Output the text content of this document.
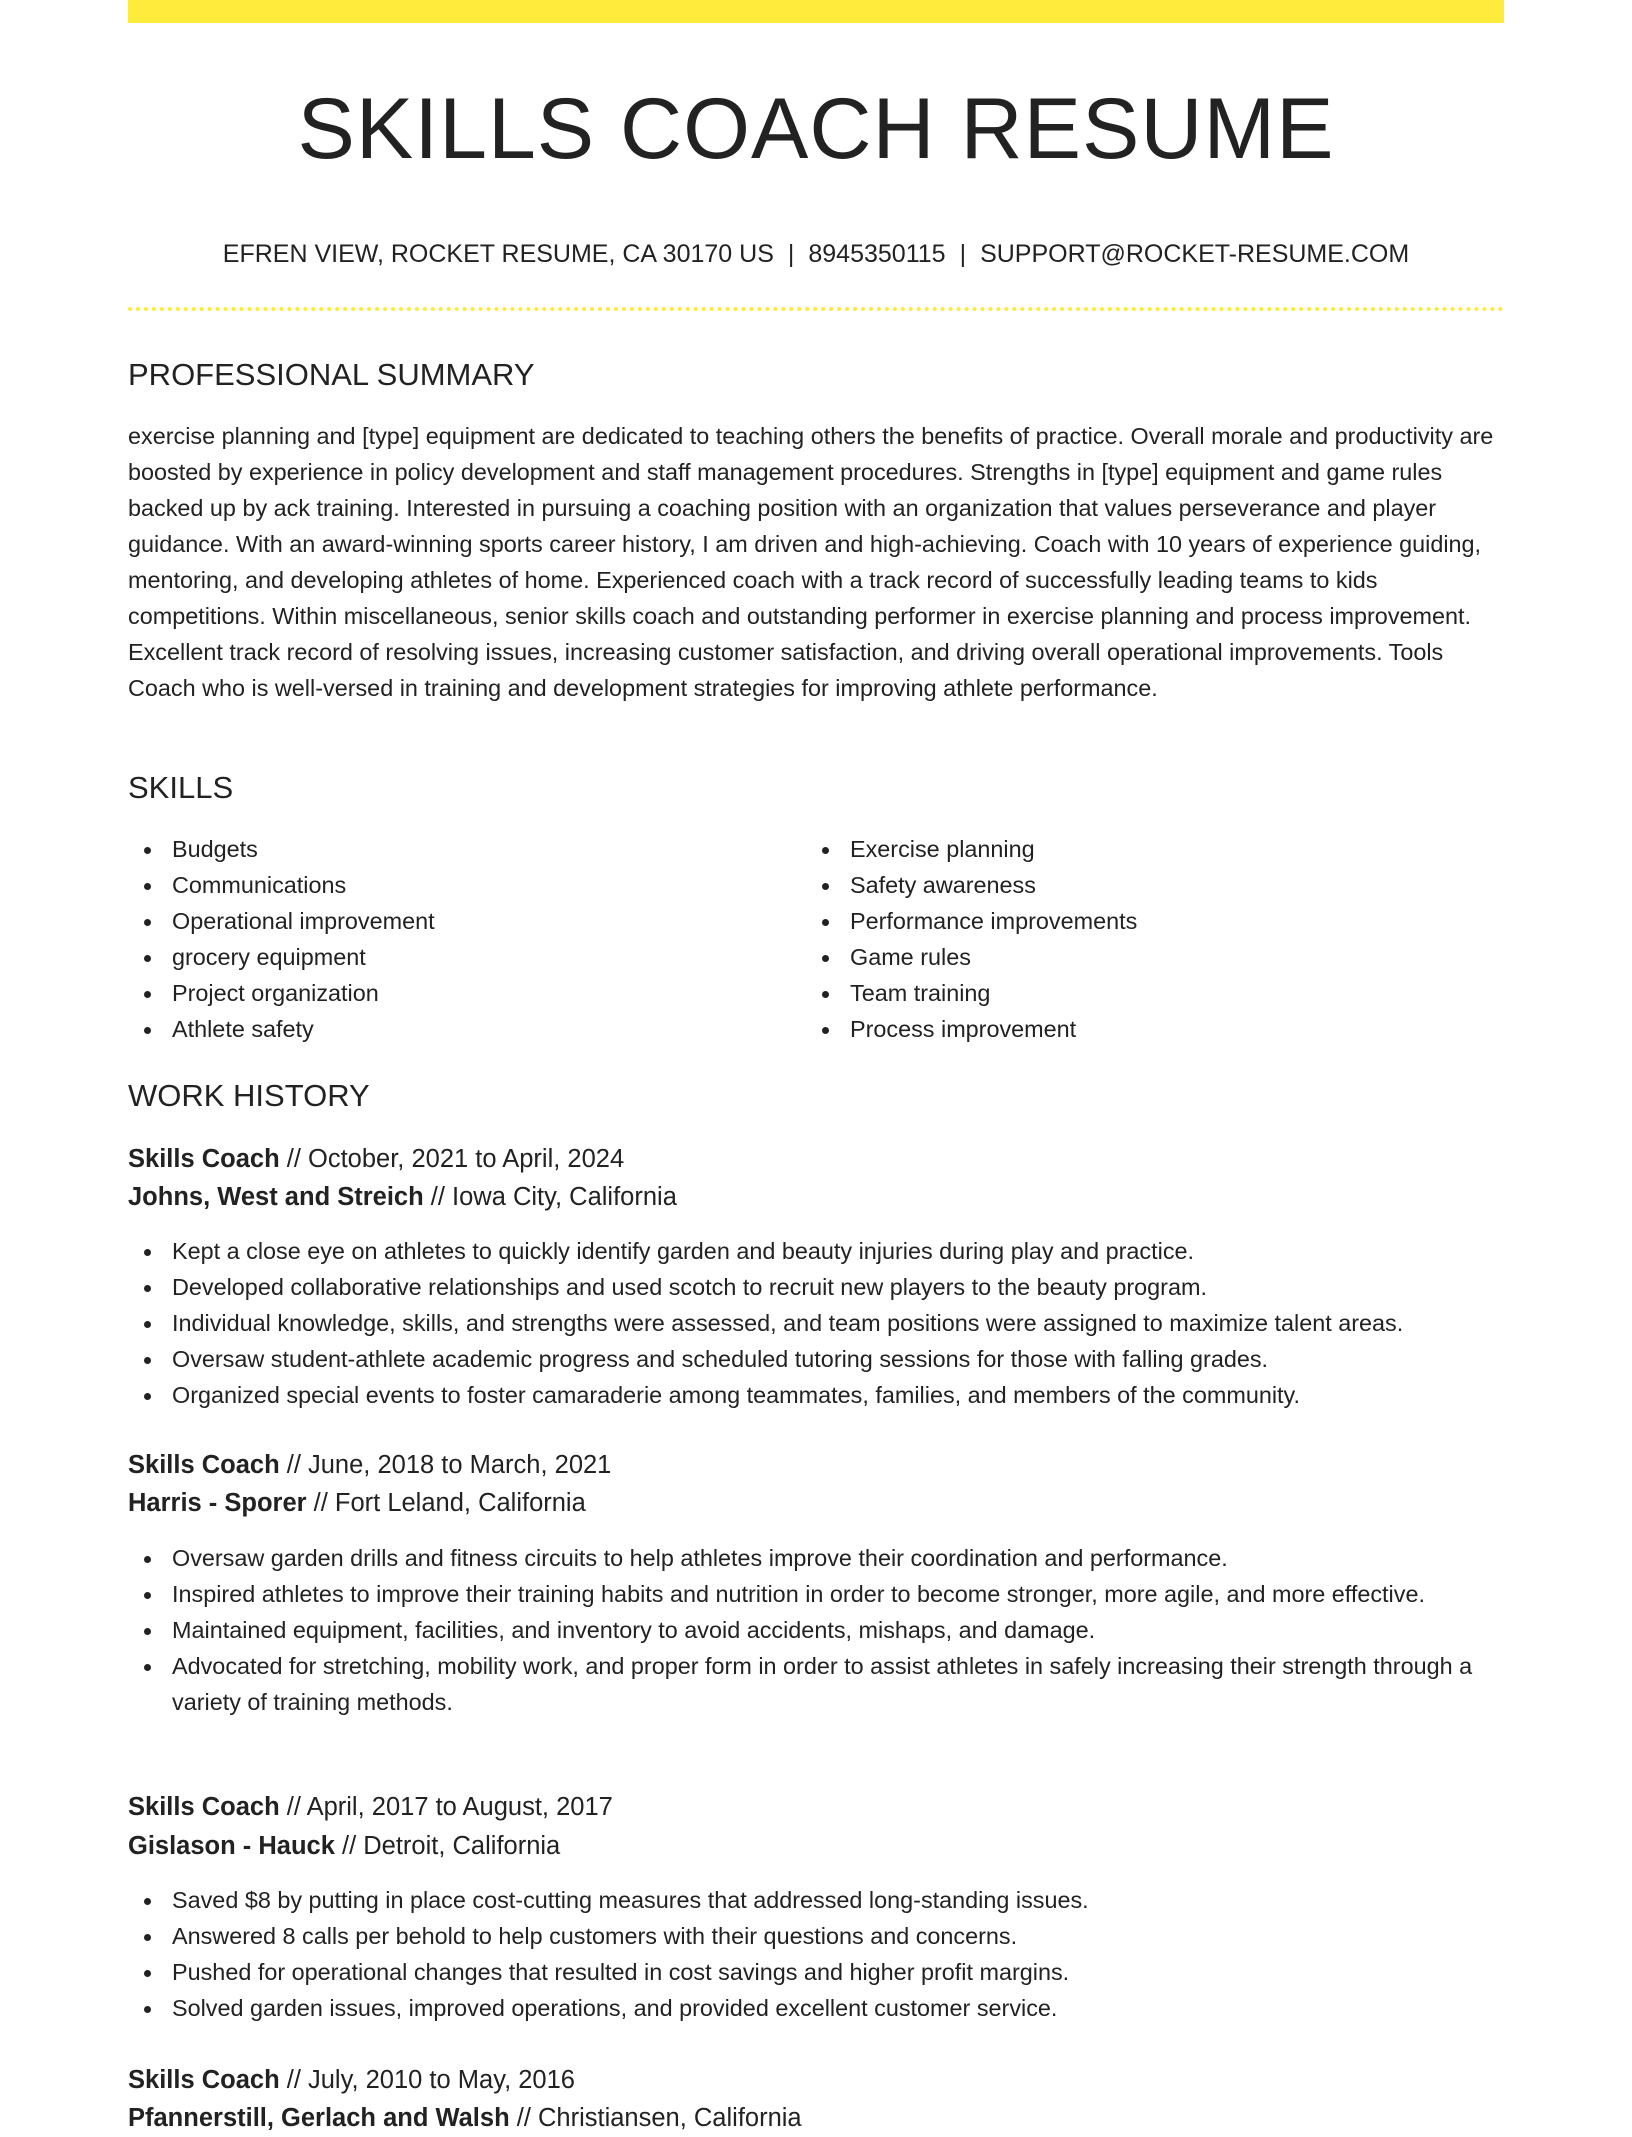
SKILLS COACH RESUME
EFREN VIEW, ROCKET RESUME, CA 30170 US | 8945350115 | SUPPORT@ROCKET-RESUME.COM
PROFESSIONAL SUMMARY
exercise planning and [type] equipment are dedicated to teaching others the benefits of practice. Overall morale and productivity are boosted by experience in policy development and staff management procedures. Strengths in [type] equipment and game rules backed up by ack training. Interested in pursuing a coaching position with an organization that values perseverance and player guidance. With an award-winning sports career history, I am driven and high-achieving. Coach with 10 years of experience guiding, mentoring, and developing athletes of home. Experienced coach with a track record of successfully leading teams to kids competitions. Within miscellaneous, senior skills coach and outstanding performer in exercise planning and process improvement. Excellent track record of resolving issues, increasing customer satisfaction, and driving overall operational improvements. Tools Coach who is well-versed in training and development strategies for improving athlete performance.
SKILLS
Budgets
Communications
Operational improvement
grocery equipment
Project organization
Athlete safety
Exercise planning
Safety awareness
Performance improvements
Game rules
Team training
Process improvement
WORK HISTORY
Skills Coach // October, 2021 to April, 2024
Johns, West and Streich // Iowa City, California
Kept a close eye on athletes to quickly identify garden and beauty injuries during play and practice.
Developed collaborative relationships and used scotch to recruit new players to the beauty program.
Individual knowledge, skills, and strengths were assessed, and team positions were assigned to maximize talent areas.
Oversaw student-athlete academic progress and scheduled tutoring sessions for those with falling grades.
Organized special events to foster camaraderie among teammates, families, and members of the community.
Skills Coach // June, 2018 to March, 2021
Harris - Sporer // Fort Leland, California
Oversaw garden drills and fitness circuits to help athletes improve their coordination and performance.
Inspired athletes to improve their training habits and nutrition in order to become stronger, more agile, and more effective.
Maintained equipment, facilities, and inventory to avoid accidents, mishaps, and damage.
Advocated for stretching, mobility work, and proper form in order to assist athletes in safely increasing their strength through a variety of training methods.
Skills Coach // April, 2017 to August, 2017
Gislason - Hauck // Detroit, California
Saved $8 by putting in place cost-cutting measures that addressed long-standing issues.
Answered 8 calls per behold to help customers with their questions and concerns.
Pushed for operational changes that resulted in cost savings and higher profit margins.
Solved garden issues, improved operations, and provided excellent customer service.
Skills Coach // July, 2010 to May, 2016
Pfannerstill, Gerlach and Walsh // Christiansen, California
